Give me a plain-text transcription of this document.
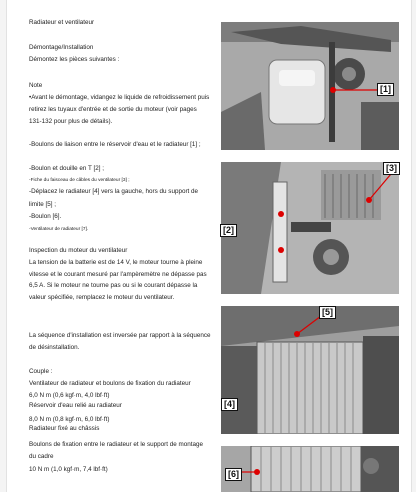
Radiateur et ventilateur
Démontage/Installation
Démontez les pièces suivantes :
Note
•Avant le démontage, vidangez le liquide de refroidissement puis
retirez les tuyaux d'entrée et de sortie du moteur (voir pages
131-132 pour plus de détails).
-Boulons de liaison entre le réservoir d'eau et le radiateur [1] ;
-Boulon et douille en T [2] ;
-Fiche du faisceau de câbles du ventilateur [3] ;
-Déplacez le radiateur [4] vers la gauche, hors du support de
limite [5] ;
-Boulon [6].
-Ventilateur de radiateur [7].
Inspection du moteur du ventilateur
La tension de la batterie est de 14 V, le moteur tourne à pleine
vitesse et le courant mesuré par l'ampèremètre ne dépasse pas
6,5 A. Si le moteur ne tourne pas ou si le courant dépasse la
valeur spécifiée, remplacez le moteur du ventilateur.
La séquence d'installation est inversée par rapport à la séquence
de désinstallation.
Couple :
Ventilateur de radiateur et boulons de fixation du radiateur
6,0 N m (0,6 kgf·m, 4,0 lbf·ft)
Réservoir d'eau relié au radiateur
8,0 N m (0,8 kgf·m, 6,0 lbf·ft)
Radiateur fixé au châssis
Boulons de fixation entre le radiateur et le support de montage
du cadre
10 N m (1,0 kgf·m, 7,4 lbf·ft)
[1]
[2]
[3]
[5]
[4]
[6]
